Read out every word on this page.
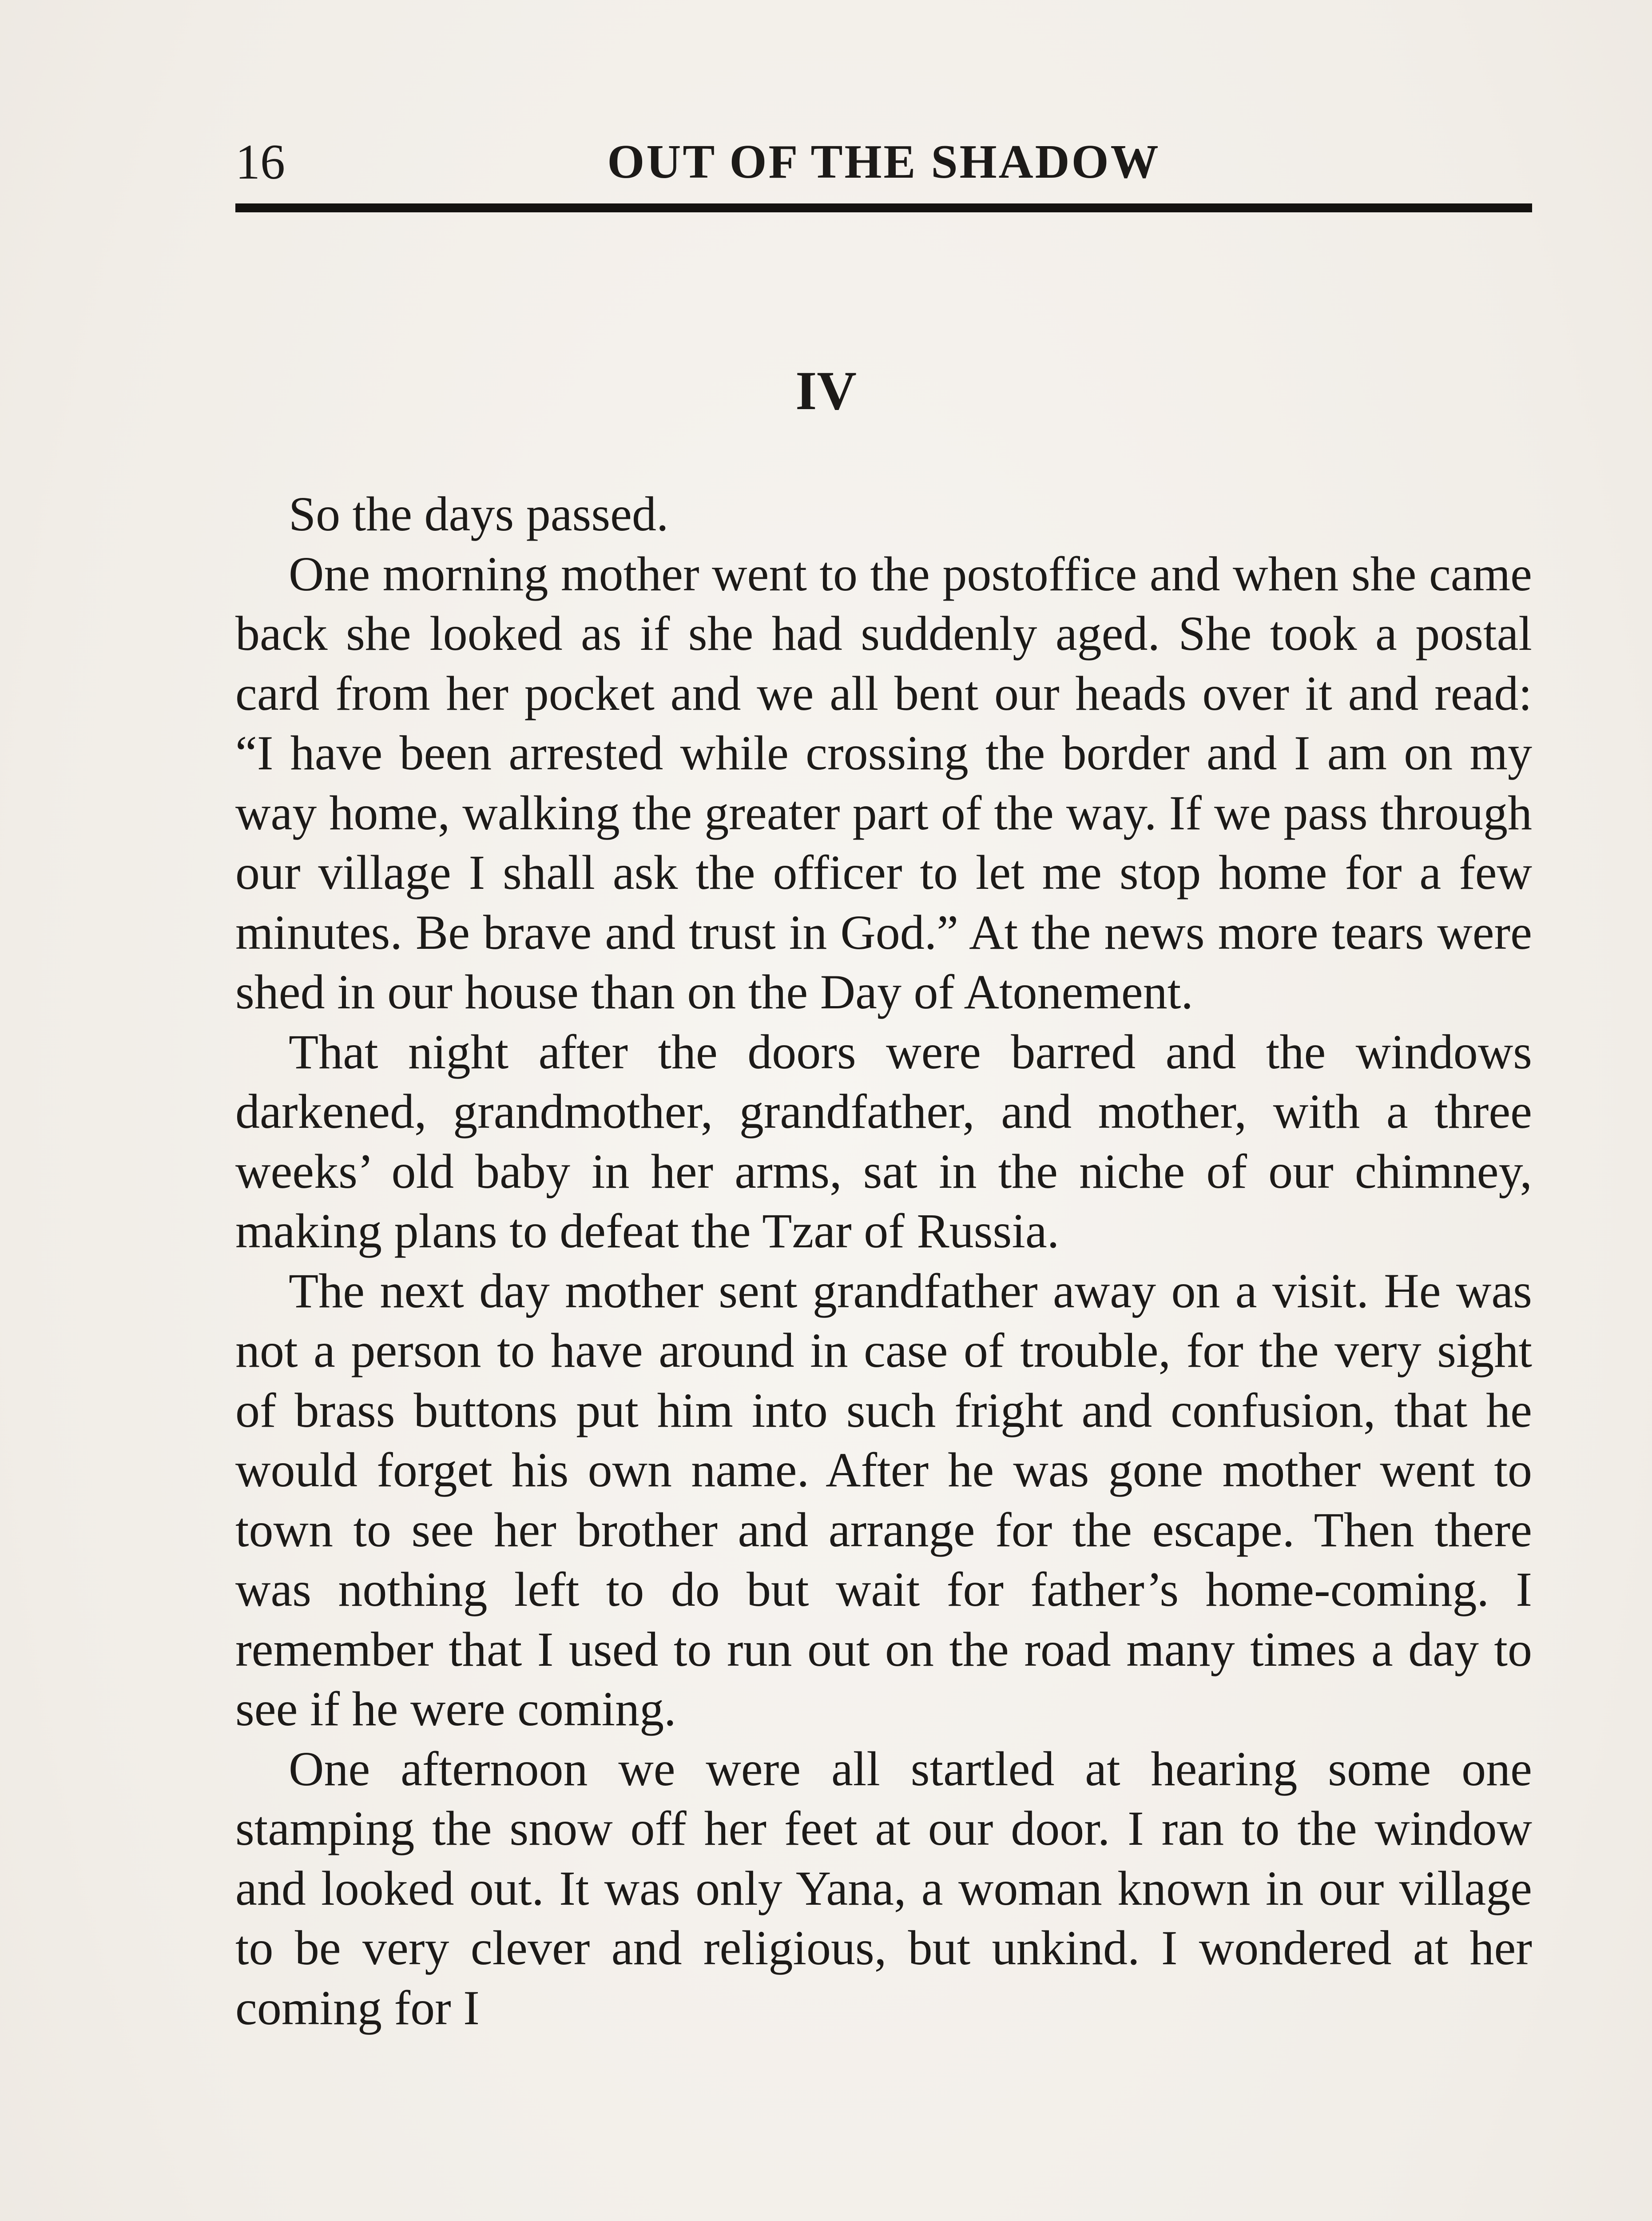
16	OUT OF THE SHADOW
IV

So the days passed.

One morning mother went to the postoffice and when she came back she looked as if she had suddenly aged. She took a postal card from her pocket and we all bent our heads over it and read: “I have been arrested while crossing the border and I am on my way home, walking the greater part of the way. If we pass through our village I shall ask the officer to let me stop home for a few minutes. Be brave and trust in God.” At the news more tears were shed in our house than on the Day of Atonement.

That night after the doors were barred and the windows darkened, grandmother, grandfather, and mother, with a three weeks’ old baby in her arms, sat in the niche of our chimney, making plans to defeat the Tzar of Russia.

The next day mother sent grandfather away on a visit. He was not a person to have around in case of trouble, for the very sight of brass buttons put him into such fright and confusion, that he would forget his own name. After he was gone mother went to town to see her brother and arrange for the escape. Then there was nothing left to do but wait for father’s home-coming. I remember that I used to run out on the road many times a day to see if he were coming.

One afternoon we were all startled at hearing some one stamping the snow off her feet at our door. I ran to the window and looked out. It was only Yana, a woman known in our village to be very clever and religious, but unkind. I wondered at her coming for I
